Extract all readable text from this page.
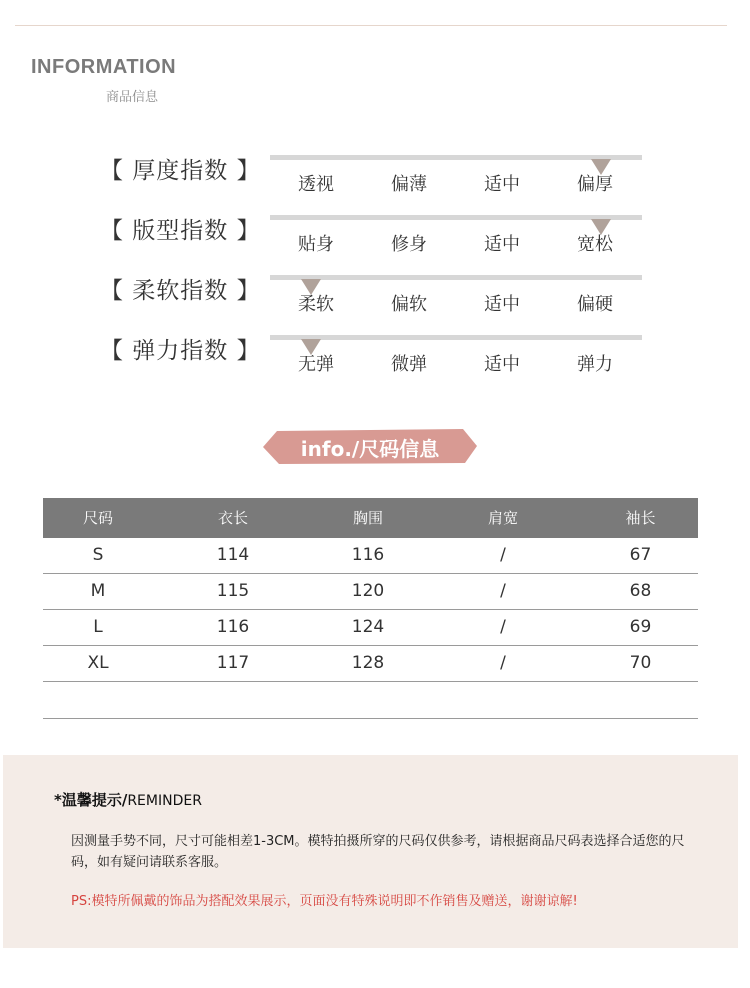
INFORMATION
商品信息
【 厚度指数 】
透视	偏薄	适中	偏厚
【 版型指数 】
贴身	修身	适中	宽松
【 柔软指数 】
柔软	偏软	适中	偏硬
【 弹力指数 】
无弹	微弹	适中	弹力
info./尺码信息
尺码	衣长	胸围	肩宽	袖长
S	114	116	/	67
M	115	120	/	68
L	116	124	/	69
XL	117	128	/	70

*温馨提示/REMINDER
因测量手势不同，尺寸可能相差1-3CM。模特拍摄所穿的尺码仅供参考，请根据商品尺码表选择合适您的尺码，如有疑问请联系客服。
PS:模特所佩戴的饰品为搭配效果展示，页面没有特殊说明即不作销售及赠送，谢谢谅解!
